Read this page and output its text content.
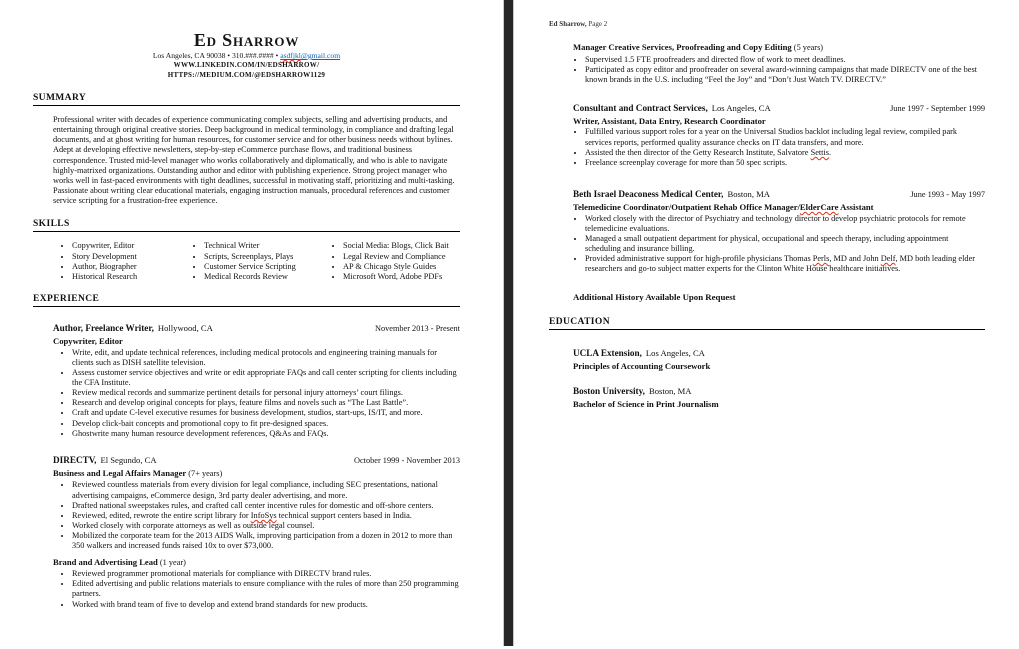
Ed Sharrow
Los Angeles, CA 90038 • 310.###.#### • asdfjkl@gmail.com
WWW.LINKEDIN.COM/IN/EDSHARROW/
HTTPS://MEDIUM.COM/@EDSHARROW1129
SUMMARY
Professional writer with decades of experience communicating complex subjects, selling and advertising products, and entertaining through original creative stories. Deep background in medical terminology, in compliance and drafting legal documents, and at ghost writing for human resources, for customer service and for other business needs without bylines. Adept at developing effective newsletters, step-by-step eCommerce purchase flows, and traditional business correspondence. Trusted mid-level manager who works collaboratively and diplomatically, and who is able to navigate highly-matrixed organizations. Outstanding author and editor with publishing experience. Strong project manager who works well in fast-paced environments with tight deadlines, successful in motivating staff, prioritizing and multi-tasking. Passionate about writing clear educational materials, engaging instruction manuals, procedural references and customer service scripting for a frustration-free experience.
SKILLS
• Copywriter, Editor
• Story Development
• Author, Biographer
• Historical Research
• Technical Writer
• Scripts, Screenplays, Plays
• Customer Service Scripting
• Medical Records Review
• Social Media: Blogs, Click Bait
• Legal Review and Compliance
• AP & Chicago Style Guides
• Microsoft Word, Adobe PDFs
EXPERIENCE
Author, Freelance Writer, Hollywood, CA	November 2013 - Present
Copywriter, Editor
• Write, edit, and update technical references, including medical protocols and engineering training manuals for clients such as DISH satellite television.
• Assess customer service objectives and write or edit appropriate FAQs and call center scripting for clients including the CFA Institute.
• Review medical records and summarize pertinent details for personal injury attorneys’ court filings.
• Research and develop original concepts for plays, feature films and novels such as “The Last Battle”.
• Craft and update C-level executive resumes for business development, studios, start-ups, IS/IT, and more.
• Develop click-bait concepts and promotional copy to fit pre-designed spaces.
• Ghostwrite many human resource development references, Q&As and FAQs.
DIRECTV, El Segundo, CA	October 1999 - November 2013
Business and Legal Affairs Manager (7+ years)
• Reviewed countless materials from every division for legal compliance, including SEC presentations, national advertising campaigns, eCommerce design, 3rd party dealer advertising, and more.
• Drafted national sweepstakes rules, and crafted call center incentive rules for domestic and off-shore centers.
• Reviewed, edited, rewrote the entire script library for InfoSys technical support centers based in India.
• Worked closely with corporate attorneys as well as outside legal counsel.
• Mobilized the corporate team for the 2013 AIDS Walk, improving participation from a dozen in 2012 to more than 350 walkers and increased funds raised 10x to over $73,000.
Brand and Advertising Lead (1 year)
• Reviewed programmer promotional materials for compliance with DIRECTV brand rules.
• Edited advertising and public relations materials to ensure compliance with the rules of more than 250 programming partners.
• Worked with brand team of five to develop and extend brand standards for new products.
Ed Sharrow, Page 2
Manager Creative Services, Proofreading and Copy Editing (5 years)
• Supervised 1.5 FTE proofreaders and directed flow of work to meet deadlines.
• Participated as copy editor and proofreader on several award-winning campaigns that made DIRECTV one of the best known brands in the U.S. including “Feel the Joy” and “Don’t Just Watch TV. DIRECTV.”
Consultant and Contract Services, Los Angeles, CA	June 1997 - September 1999
Writer, Assistant, Data Entry, Research Coordinator
• Fulfilled various support roles for a year on the Universal Studios backlot including legal review, compiled park services reports, performed quality assurance checks on IT data transfers, and more.
• Assisted the then director of the Getty Research Institute, Salvatore Settis.
• Freelance screenplay coverage for more than 50 spec scripts.
Beth Israel Deaconess Medical Center, Boston, MA	June 1993 - May 1997
Telemedicine Coordinator/Outpatient Rehab Office Manager/ElderCare Assistant
• Worked closely with the director of Psychiatry and technology director to develop psychiatric protocols for remote telemedicine evaluations.
• Managed a small outpatient department for physical, occupational and speech therapy, including appointment scheduling and insurance billing.
• Provided administrative support for high-profile physicians Thomas Perls, MD and John Delf, MD both leading elder researchers and go-to subject matter experts for the Clinton White House healthcare initiatives.
Additional History Available Upon Request
EDUCATION
UCLA Extension, Los Angeles, CA
Principles of Accounting Coursework
Boston University, Boston, MA
Bachelor of Science in Print Journalism
